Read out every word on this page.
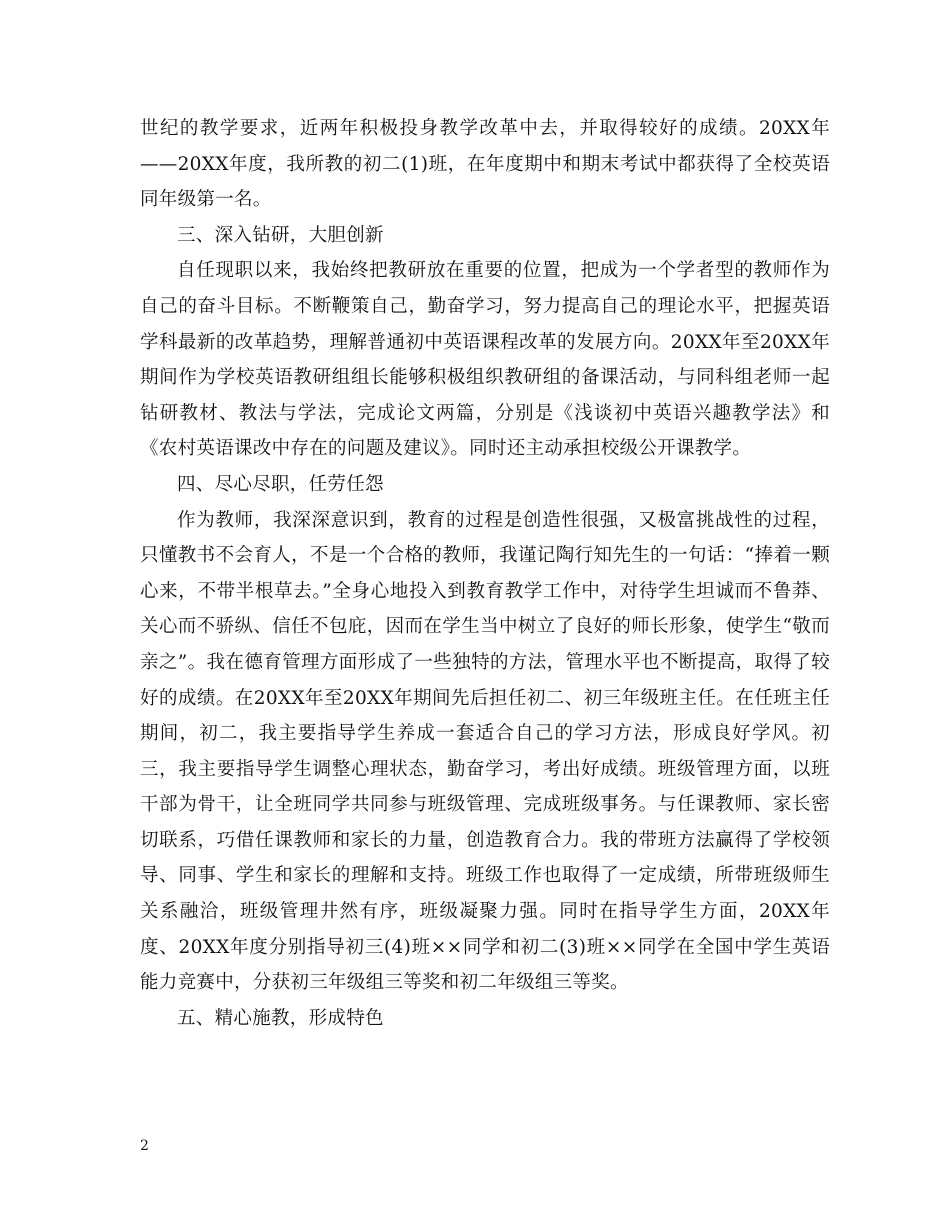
世纪的教学要求，近两年积极投身教学改革中去，并取得较好的成绩。20XX年——20XX年度，我所教的初二(1)班，在年度期中和期末考试中都获得了全校英语同年级第一名。

三、深入钻研，大胆创新

自任现职以来，我始终把教研放在重要的位置，把成为一个学者型的教师作为自己的奋斗目标。不断鞭策自己，勤奋学习，努力提高自己的理论水平，把握英语学科最新的改革趋势，理解普通初中英语课程改革的发展方向。20XX年至20XX年期间作为学校英语教研组组长能够积极组织教研组的备课活动，与同科组老师一起钻研教材、教法与学法，完成论文两篇，分别是《浅谈初中英语兴趣教学法》和《农村英语课改中存在的问题及建议》。同时还主动承担校级公开课教学。

四、尽心尽职，任劳任怨

作为教师，我深深意识到，教育的过程是创造性很强，又极富挑战性的过程，只懂教书不会育人，不是一个合格的教师，我谨记陶行知先生的一句话：“捧着一颗心来，不带半根草去。”全身心地投入到教育教学工作中，对待学生坦诚而不鲁莽、关心而不骄纵、信任不包庇，因而在学生当中树立了良好的师长形象，使学生“敬而亲之”。我在德育管理方面形成了一些独特的方法，管理水平也不断提高，取得了较好的成绩。在20XX年至20XX年期间先后担任初二、初三年级班主任。在任班主任期间，初二，我主要指导学生养成一套适合自己的学习方法，形成良好学风。初三，我主要指导学生调整心理状态，勤奋学习，考出好成绩。班级管理方面，以班干部为骨干，让全班同学共同参与班级管理、完成班级事务。与任课教师、家长密切联系，巧借任课教师和家长的力量，创造教育合力。我的带班方法赢得了学校领导、同事、学生和家长的理解和支持。班级工作也取得了一定成绩，所带班级师生关系融洽，班级管理井然有序，班级凝聚力强。同时在指导学生方面，20XX年度、20XX年度分别指导初三(4)班××同学和初二(3)班××同学在全国中学生英语能力竞赛中，分获初三年级组三等奖和初二年级组三等奖。

五、精心施教，形成特色

2
